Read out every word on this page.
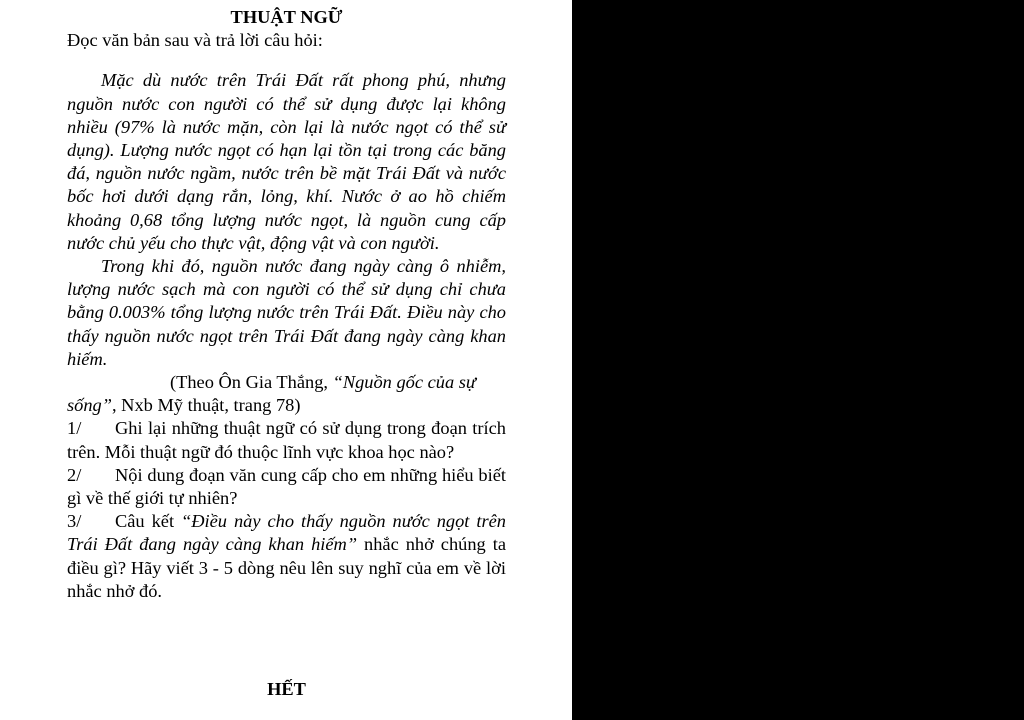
THUẬT NGỮ

Đọc văn bản sau và trả lời câu hỏi:

Mặc dù nước trên Trái Đất rất phong phú, nhưng nguồn nước con người có thể sử dụng được lại không nhiều (97% là nước mặn, còn lại là nước ngọt có thể sử dụng). Lượng nước ngọt có hạn lại tồn tại trong các băng đá, nguồn nước ngầm, nước trên bề mặt Trái Đất và nước bốc hơi dưới dạng rắn, lỏng, khí. Nước ở ao hồ chiếm khoảng 0,68 tổng lượng nước ngọt, là nguồn cung cấp nước chủ yếu cho thực vật, động vật và con người.

Trong khi đó, nguồn nước đang ngày càng ô nhiễm, lượng nước sạch mà con người có thể sử dụng chỉ chưa bằng 0.003% tổng lượng nước trên Trái Đất. Điều này cho thấy nguồn nước ngọt trên Trái Đất đang ngày càng khan hiếm.

(Theo Ôn Gia Thắng, “Nguồn gốc của sự

sống”, Nxb Mỹ thuật, trang 78)

1/ Ghi lại những thuật ngữ có sử dụng trong đoạn trích trên. Mỗi thuật ngữ đó thuộc lĩnh vực khoa học nào?

2/ Nội dung đoạn văn cung cấp cho em những hiểu biết gì về thế giới tự nhiên?

3/ Câu kết “Điều này cho thấy nguồn nước ngọt trên Trái Đất đang ngày càng khan hiếm” nhắc nhở chúng ta điều gì? Hãy viết 3 - 5 dòng nêu lên suy nghĩ của em về lời nhắc nhở đó.

HẾT
